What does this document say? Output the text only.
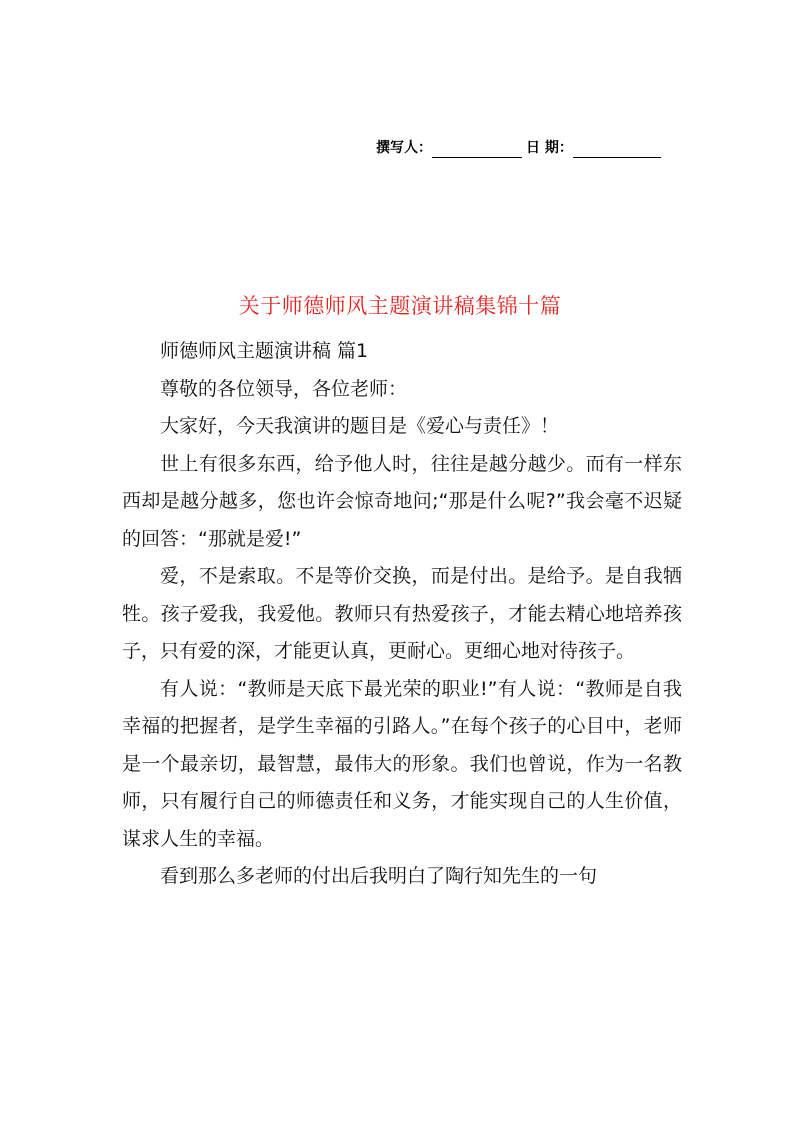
撰写人：	日 期：
关于师德师风主题演讲稿集锦十篇

师德师风主题演讲稿 篇1

尊敬的各位领导，各位老师：

大家好，今天我演讲的题目是《爱心与责任》！

世上有很多东西，给予他人时，往往是越分越少。而有一样东西却是越分越多，您也许会惊奇地问;“那是什么呢?”我会毫不迟疑的回答：“那就是爱!”

爱，不是索取。不是等价交换，而是付出。是给予。是自我牺牲。孩子爱我，我爱他。教师只有热爱孩子，才能去精心地培养孩子，只有爱的深，才能更认真，更耐心。更细心地对待孩子。

有人说：“教师是天底下最光荣的职业!”有人说：“教师是自我幸福的把握者，是学生幸福的引路人。”在每个孩子的心目中，老师是一个最亲切，最智慧，最伟大的形象。我们也曾说，作为一名教师，只有履行自己的师德责任和义务，才能实现自己的人生价值，谋求人生的幸福。

看到那么多老师的付出后我明白了陶行知先生的一句
